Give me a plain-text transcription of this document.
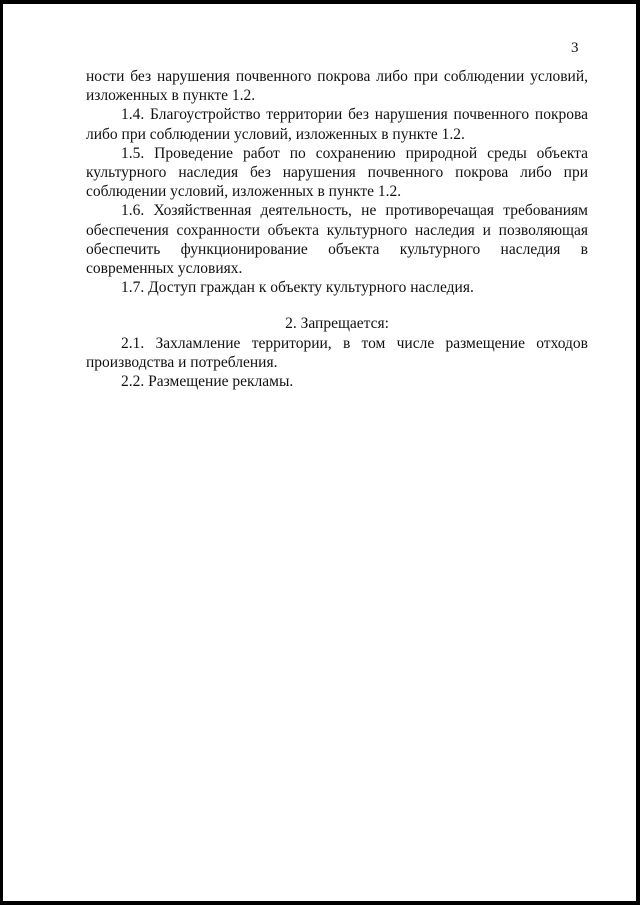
3

ности без нарушения почвенного покрова либо при соблюдении условий, изложенных в пункте 1.2.

1.4. Благоустройство территории без нарушения почвенного покрова либо при соблюдении условий, изложенных в пункте 1.2.

1.5. Проведение работ по сохранению природной среды объекта культурного наследия без нарушения почвенного покрова либо при соблюдении условий, изложенных в пункте 1.2.

1.6. Хозяйственная деятельность, не противоречащая требованиям обеспечения сохранности объекта культурного наследия и позволяющая обеспечить функционирование объекта культурного наследия в современных условиях.

1.7. Доступ граждан к объекту культурного наследия.

2. Запрещается:

2.1. Захламление территории, в том числе размещение отходов производства и потребления.

2.2. Размещение рекламы.
